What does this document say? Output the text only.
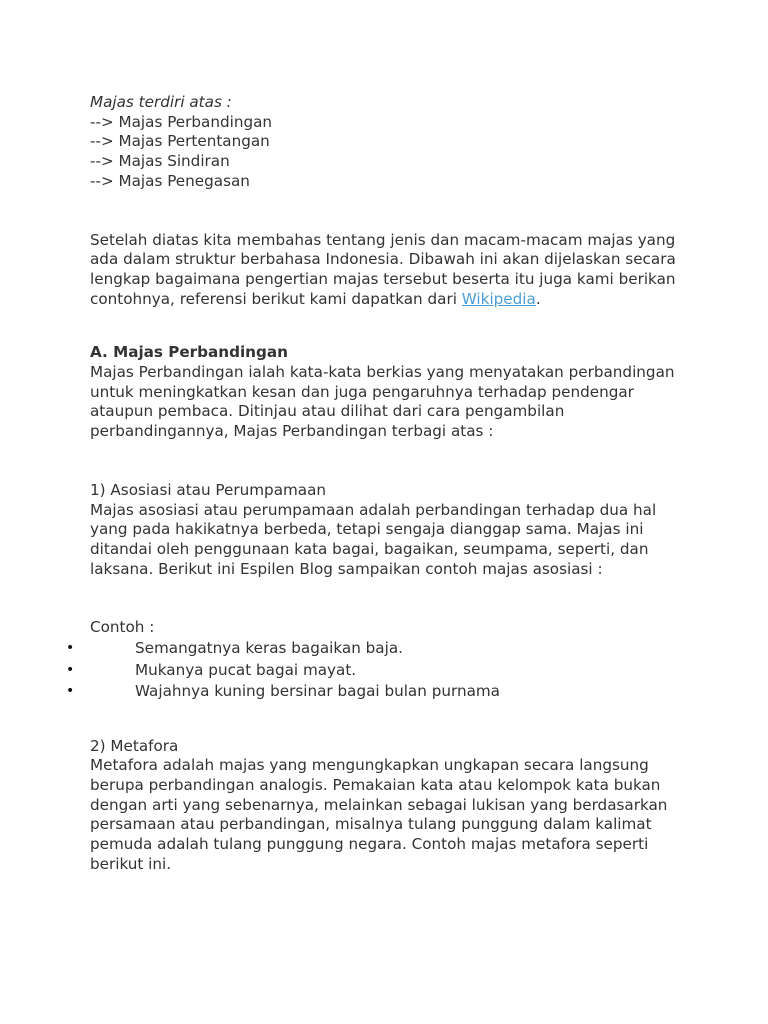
Majas terdiri atas :

--> Majas Perbandingan

--> Majas Pertentangan

--> Majas Sindiran

--> Majas Penegasan

Setelah diatas kita membahas tentang jenis dan macam-macam majas yang ada dalam struktur berbahasa Indonesia. Dibawah ini akan dijelaskan secara lengkap bagaimana pengertian majas tersebut beserta itu juga kami berikan contohnya, referensi berikut kami dapatkan dari Wikipedia.

A. Majas Perbandingan

Majas Perbandingan ialah kata-kata berkias yang menyatakan perbandingan untuk meningkatkan kesan dan juga pengaruhnya terhadap pendengar ataupun pembaca. Ditinjau atau dilihat dari cara pengambilan perbandingannya, Majas Perbandingan terbagi atas :

1) Asosiasi atau Perumpamaan

Majas asosiasi atau perumpamaan adalah perbandingan terhadap dua hal yang pada hakikatnya berbeda, tetapi sengaja dianggap sama. Majas ini ditandai oleh penggunaan kata bagai, bagaikan, seumpama, seperti, dan laksana. Berikut ini Espilen Blog sampaikan contoh majas asosiasi :

Contoh :

•	Semangatnya keras bagaikan baja.
•	Mukanya pucat bagai mayat.
•	Wajahnya kuning bersinar bagai bulan purnama

2) Metafora

Metafora adalah majas yang mengungkapkan ungkapan secara langsung berupa perbandingan analogis. Pemakaian kata atau kelompok kata bukan dengan arti yang sebenarnya, melainkan sebagai lukisan yang berdasarkan persamaan atau perbandingan, misalnya tulang punggung dalam kalimat pemuda adalah tulang punggung negara. Contoh majas metafora seperti berikut ini.
